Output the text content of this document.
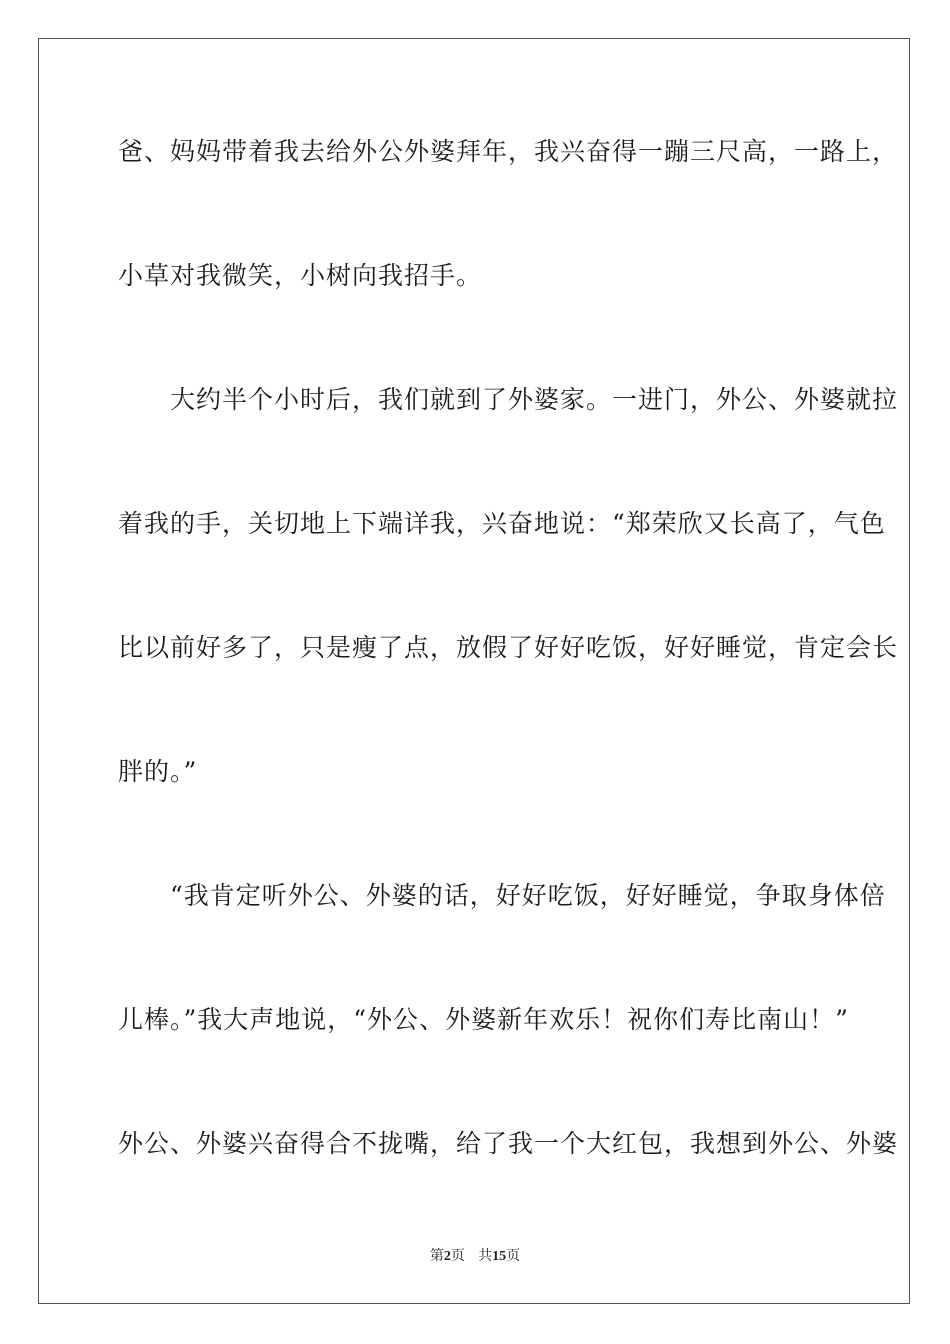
爸、妈妈带着我去给外公外婆拜年，我兴奋得一蹦三尺高，一路上，
小草对我微笑，小树向我招手。
　　大约半个小时后，我们就到了外婆家。一进门，外公、外婆就拉
着我的手，关切地上下端详我，兴奋地说：“郑荣欣又长高了，气色
比以前好多了，只是瘦了点，放假了好好吃饭，好好睡觉，肯定会长
胖的。”
　　“我肯定听外公、外婆的话，好好吃饭，好好睡觉，争取身体倍
儿棒。”我大声地说，“外公、外婆新年欢乐！祝你们寿比南山！”
外公、外婆兴奋得合不拢嘴，给了我一个大红包，我想到外公、外婆
第2页 共15页
